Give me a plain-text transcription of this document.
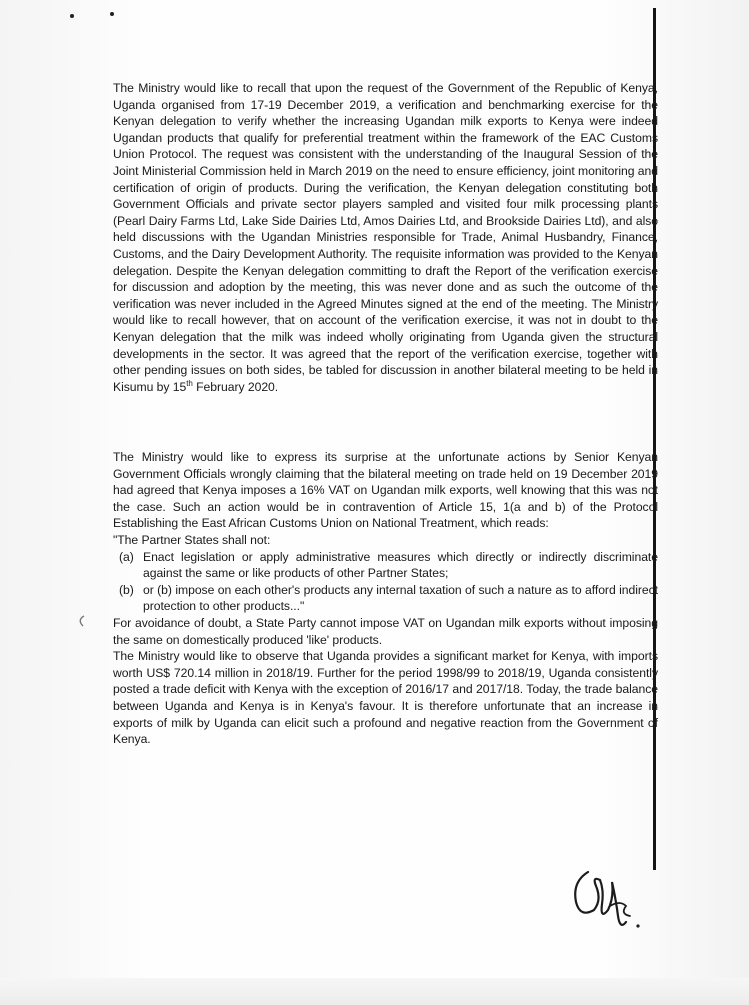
The Ministry would like to recall that upon the request of the Government of the Republic of Kenya, Uganda organised from 17-19 December 2019, a verification and benchmarking exercise for the Kenyan delegation to verify whether the increasing Ugandan milk exports to Kenya were indeed Ugandan products that qualify for preferential treatment within the framework of the EAC Customs Union Protocol. The request was consistent with the understanding of the Inaugural Session of the Joint Ministerial Commission held in March 2019 on the need to ensure efficiency, joint monitoring and certification of origin of products. During the verification, the Kenyan delegation constituting both Government Officials and private sector players sampled and visited four milk processing plants (Pearl Dairy Farms Ltd, Lake Side Dairies Ltd, Amos Dairies Ltd, and Brookside Dairies Ltd), and also held discussions with the Ugandan Ministries responsible for Trade, Animal Husbandry, Finance, Customs, and the Dairy Development Authority. The requisite information was provided to the Kenyan delegation. Despite the Kenyan delegation committing to draft the Report of the verification exercise for discussion and adoption by the meeting, this was never done and as such the outcome of the verification was never included in the Agreed Minutes signed at the end of the meeting. The Ministry would like to recall however, that on account of the verification exercise, it was not in doubt to the Kenyan delegation that the milk was indeed wholly originating from Uganda given the structural developments in the sector. It was agreed that the report of the verification exercise, together with other pending issues on both sides, be tabled for discussion in another bilateral meeting to be held in Kisumu by 15th February 2020.

The Ministry would like to express its surprise at the unfortunate actions by Senior Kenyan Government Officials wrongly claiming that the bilateral meeting on trade held on 19 December 2019 had agreed that Kenya imposes a 16% VAT on Ugandan milk exports, well knowing that this was not the case. Such an action would be in contravention of Article 15, 1(a and b) of the Protocol Establishing the East African Customs Union on National Treatment, which reads:

"The Partner States shall not:

(a) Enact legislation or apply administrative measures which directly or indirectly discriminate against the same or like products of other Partner States;

(b) or (b) impose on each other's products any internal taxation of such a nature as to afford indirect protection to other products..."

For avoidance of doubt, a State Party cannot impose VAT on Ugandan milk exports without imposing the same on domestically produced 'like' products.

The Ministry would like to observe that Uganda provides a significant market for Kenya, with imports worth US$ 720.14 million in 2018/19. Further for the period 1998/99 to 2018/19, Uganda consistently posted a trade deficit with Kenya with the exception of 2016/17 and 2017/18. Today, the trade balance between Uganda and Kenya is in Kenya's favour. It is therefore unfortunate that an increase in exports of milk by Uganda can elicit such a profound and negative reaction from the Government of Kenya.
